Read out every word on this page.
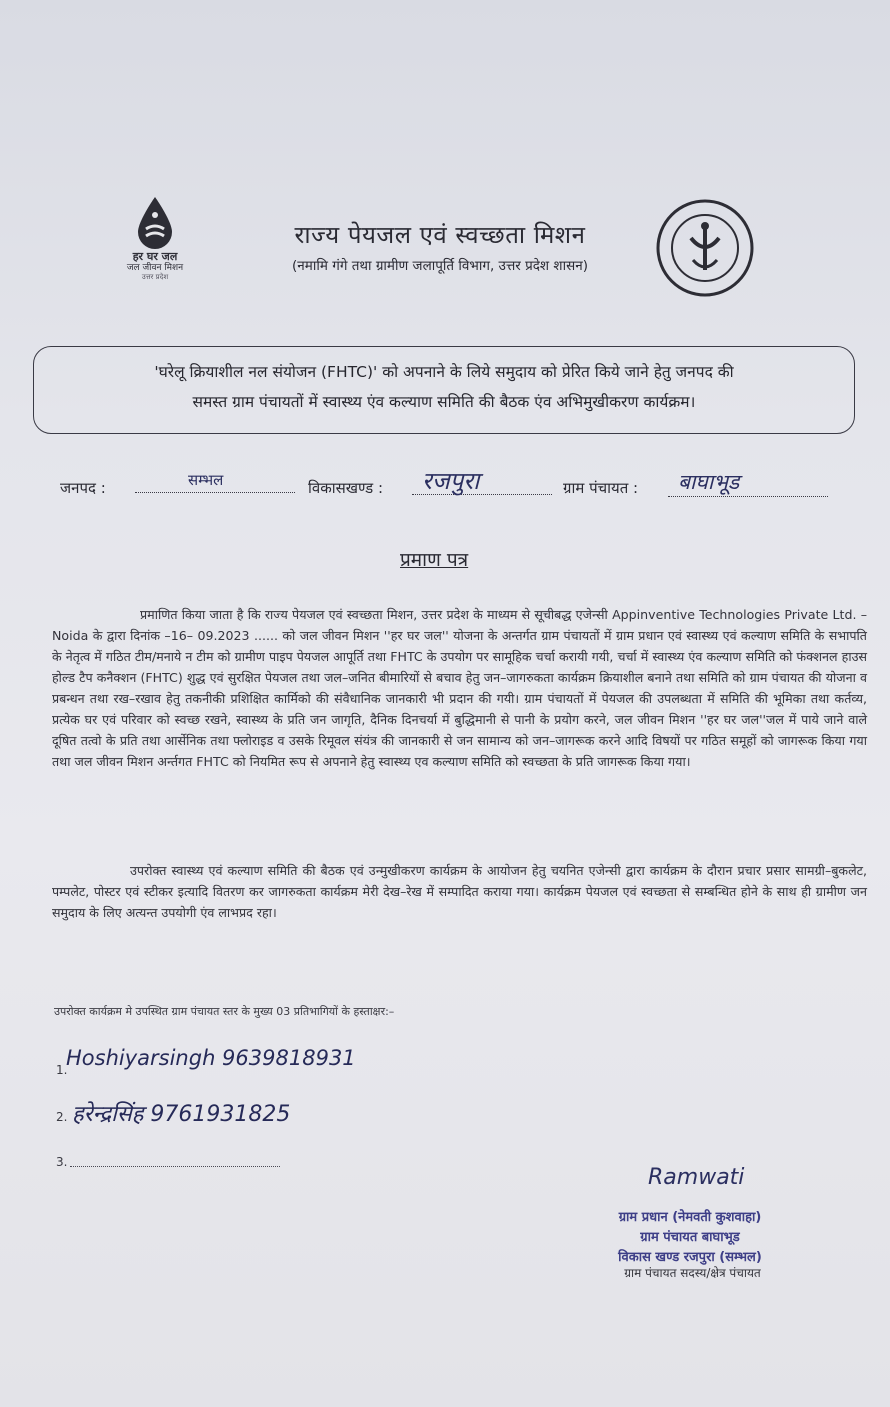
हर घर जल
जल जीवन मिशन
उत्तर प्रदेश
राज्य पेयजल एवं स्वच्छता मिशन
(नमामि गंगे तथा ग्रामीण जलापूर्ति विभाग, उत्तर प्रदेश शासन)
'घरेलू क्रियाशील नल संयोजन (FHTC)' को अपनाने के लिये समुदाय को प्रेरित किये जाने हेतु जनपद की
समस्त ग्राम पंचायतों में स्वास्थ्य एंव कल्याण समिति की बैठक एंव अभिमुखीकरण कार्यक्रम।
जनपद :	सम्भल	विकासखण्ड : रजपुरा	ग्राम पंचायत : बाघाभूड
प्रमाण पत्र
प्रमाणित किया जाता है कि राज्य पेयजल एवं स्वच्छता मिशन, उत्तर प्रदेश के माध्यम से सूचीबद्ध एजेन्सी Appinventive Technologies Private Ltd. – Noida के द्वारा दिनांक –16– 09.2023 ...... को जल जीवन मिशन ''हर घर जल'' योजना के अन्तर्गत ग्राम पंचायतों में ग्राम प्रधान एवं स्वास्थ्य एवं कल्याण समिति के सभापति के नेतृत्व में गठित टीम/मनाये न टीम को ग्रामीण पाइप पेयजल आपूर्ति तथा FHTC के उपयोग पर सामूहिक चर्चा करायी गयी, चर्चा में स्वास्थ्य एंव कल्याण समिति को फंक्शनल हाउस होल्ड टैप कनैक्शन (FHTC) शुद्ध एवं सुरक्षित पेयजल तथा जल–जनित बीमारियों से बचाव हेतु जन–जागरुकता कार्यक्रम क्रियाशील बनाने तथा समिति को ग्राम पंचायत की योजना व प्रबन्धन तथा रख–रखाव हेतु तकनीकी प्रशिक्षित कार्मिको की संवैधानिक जानकारी भी प्रदान की गयी। ग्राम पंचायतों में पेयजल की उपलब्धता में समिति की भूमिका तथा कर्तव्य, प्रत्येक घर एवं परिवार को स्वच्छ रखने, स्वास्थ्य के प्रति जन जागृति, दैनिक दिनचर्या में बुद्धिमानी से पानी के प्रयोग करने, जल जीवन मिशन ''हर घर जल''जल में पाये जाने वाले दूषित तत्वो के प्रति तथा आर्सेनिक तथा फ्लोराइड व उसके रिमूवल संयंत्र की जानकारी से जन सामान्य को जन–जागरूक करने आदि विषयों पर गठित समूहों को जागरूक किया गया तथा जल जीवन मिशन अर्न्तगत FHTC को नियमित रूप से अपनाने हेतु स्वास्थ्य एव कल्याण समिति को स्वच्छता के प्रति जागरूक किया गया।
उपरोक्त स्वास्थ्य एवं कल्याण समिति की बैठक एवं उन्मुखीकरण कार्यक्रम के आयोजन हेतु चयनित एजेन्सी द्वारा कार्यक्रम के दौरान प्रचार प्रसार सामग्री–बुकलेट, पम्पलेट, पोस्टर एवं स्टीकर इत्यादि वितरण कर जागरुकता कार्यक्रम मेरी देख–रेख में सम्पादित कराया गया। कार्यक्रम पेयजल एवं स्वच्छता से सम्बन्धित होने के साथ ही ग्रामीण जन समुदाय के लिए अत्यन्त उपयोगी एंव लाभप्रद रहा।
उपरोक्त कार्यक्रम मे उपस्थित ग्राम पंचायत स्तर के मुख्य 03 प्रतिभागियों के हस्ताक्षर:–
1.
Hoshiyarsingh 9639818931
2. हरेन्द्रसिंह 9761931825
3.
Ramwati
ग्राम प्रधान (नेमवती कुशवाहा)
ग्राम पंचायत बाघाभूड
विकास खण्ड रजपुरा (सम्भल)
ग्राम पंचायत सदस्य/क्षेत्र पंचायत
